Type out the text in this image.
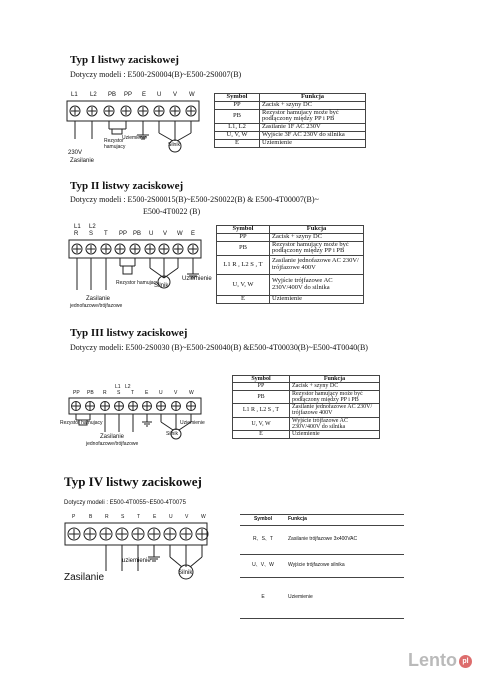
Typ I listwy zaciskowej
Dotyczy modeli : E500-2S0004(B)~E500-2S0007(B)
L1 L2 PB PP E U V W
230V
Zasilanie
Rezystor hamujacy
Uziemienie
Silnik
Symbol	Funkcja
PP	Zacisk + szyny DC
PB	Rezystor hamujacy może być podłączony między PP i PB
L1, L2	Zasilanie 1F AC 230V
U, V, W	Wyjście 3F AC 230V do silnika
E	Uziemienie
Typ II listwy zaciskowej
Dotyczy modeli : E500-2S00015(B)~E500-2S0022(B) & E500-4T00007(B)~
E500-4T0022 (B)
L1 L2
R S T PP PB U V W E
Rezystor hamujacy
Silnik
Uziemienie
Zasilanie
jednofazowe/trójfazowe
Symbol	Fukcja
PP	Zacisk + szyny DC
PB	Rezystor hamujący może być podłączony między PP i PB
L1 R , L2 S , T	Zasilanie jednofazowe AC 230V/ trójfazowe 400V
U, V, W	Wyjście trójfazowe AC 230V/400V do silnika
E	Uziemienie
Typ III listwy zaciskowej
Dotyczy modeli: E500-2S0030 (B)~E500-2S0040(B) &E500-4T00030(B)~E500-4T0040(B)
L1 L2
PP PB R S T E U V W
Rezystor hamujacy
Zasilanie
jednofazowe/trójfazowe
Silnik
Uziemienie
Symbol	Funkcja
PP	Zacisk + szyny DC
PB	Rezystor hamujący może być podłączony między PP i PB
L1 R , L2 S , T	Zasilanie jednofazowe AC 230V/ trójfazowe 400V
U, V, W	Wyjście trójfazowe AC 230V/400V do silnika
E	Uziemienie
Typ IV listwy zaciskowej
Dotyczy modeli : E500-4T0055~E500-4T0075
P	B	R S	T	E	U V	W
Zasilanie
uziemienie
Silnik
Symbol	Funkcja
R、S、T	Zasilanie trójfazowe 3x400VAC
U、V、W	Wyjście trójfazowe silnika
E	Uziemienie
Lento pl
